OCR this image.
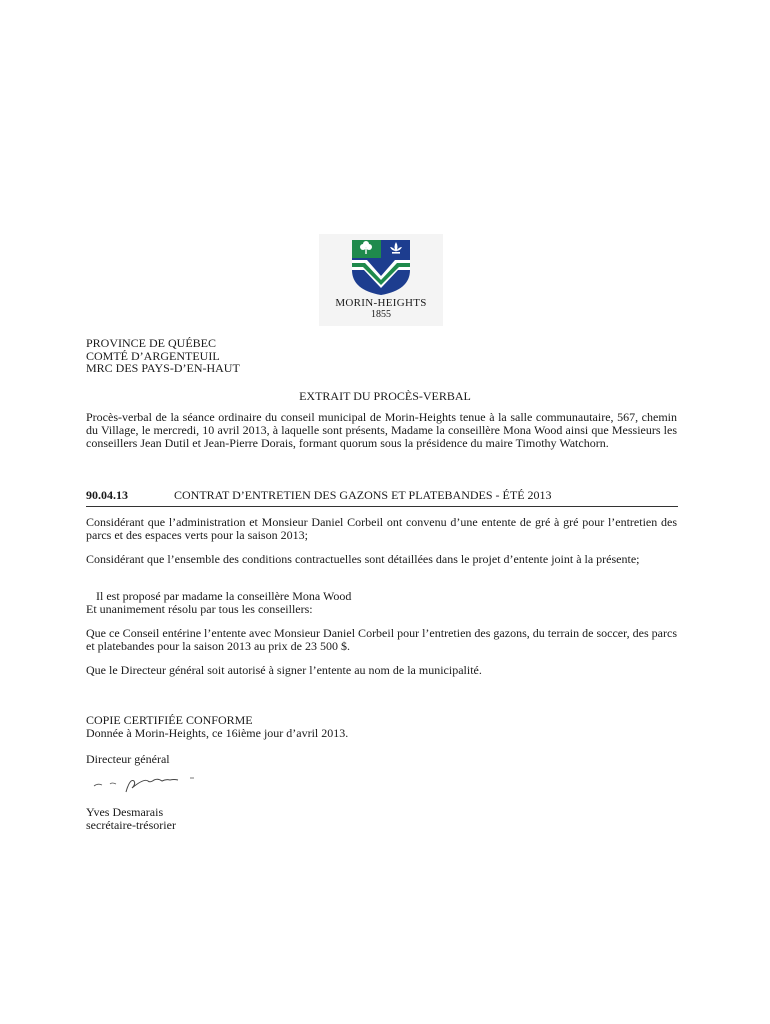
MORIN-HEIGHTS
1855
PROVINCE DE QUÉBEC
COMTÉ D’ARGENTEUIL
MRC DES PAYS-D’EN-HAUT
EXTRAIT DU PROCÈS-VERBAL

Procès-verbal de la séance ordinaire du conseil municipal de Morin-Heights tenue à la salle communautaire, 567, chemin du Village, le mercredi, 10 avril 2013, à laquelle sont présents, Madame la conseillère Mona Wood ainsi que Messieurs les conseillers Jean Dutil et Jean-Pierre Dorais, formant quorum sous la présidence du maire Timothy Watchorn.

90.04.13	CONTRAT D’ENTRETIEN DES GAZONS ET PLATEBANDES - ÉTÉ 2013

Considérant que l’administration et Monsieur Daniel Corbeil ont convenu d’une entente de gré à gré pour l’entretien des parcs et des espaces verts pour la saison 2013;

Considérant que l’ensemble des conditions contractuelles sont détaillées dans le projet d’entente joint à la présente;

Il est proposé par madame la conseillère Mona Wood

Et unanimement résolu par tous les conseillers:

Que ce Conseil entérine l’entente avec Monsieur Daniel Corbeil pour l’entretien des gazons, du terrain de soccer, des parcs et platebandes pour la saison 2013 au prix de 23 500 $.

Que le Directeur général soit autorisé à signer l’entente au nom de la municipalité.

COPIE CERTIFIÉE CONFORME

Donnée à Morin-Heights, ce 16ième jour d’avril 2013.

Directeur général

Yves Desmarais
secrétaire-trésorier
